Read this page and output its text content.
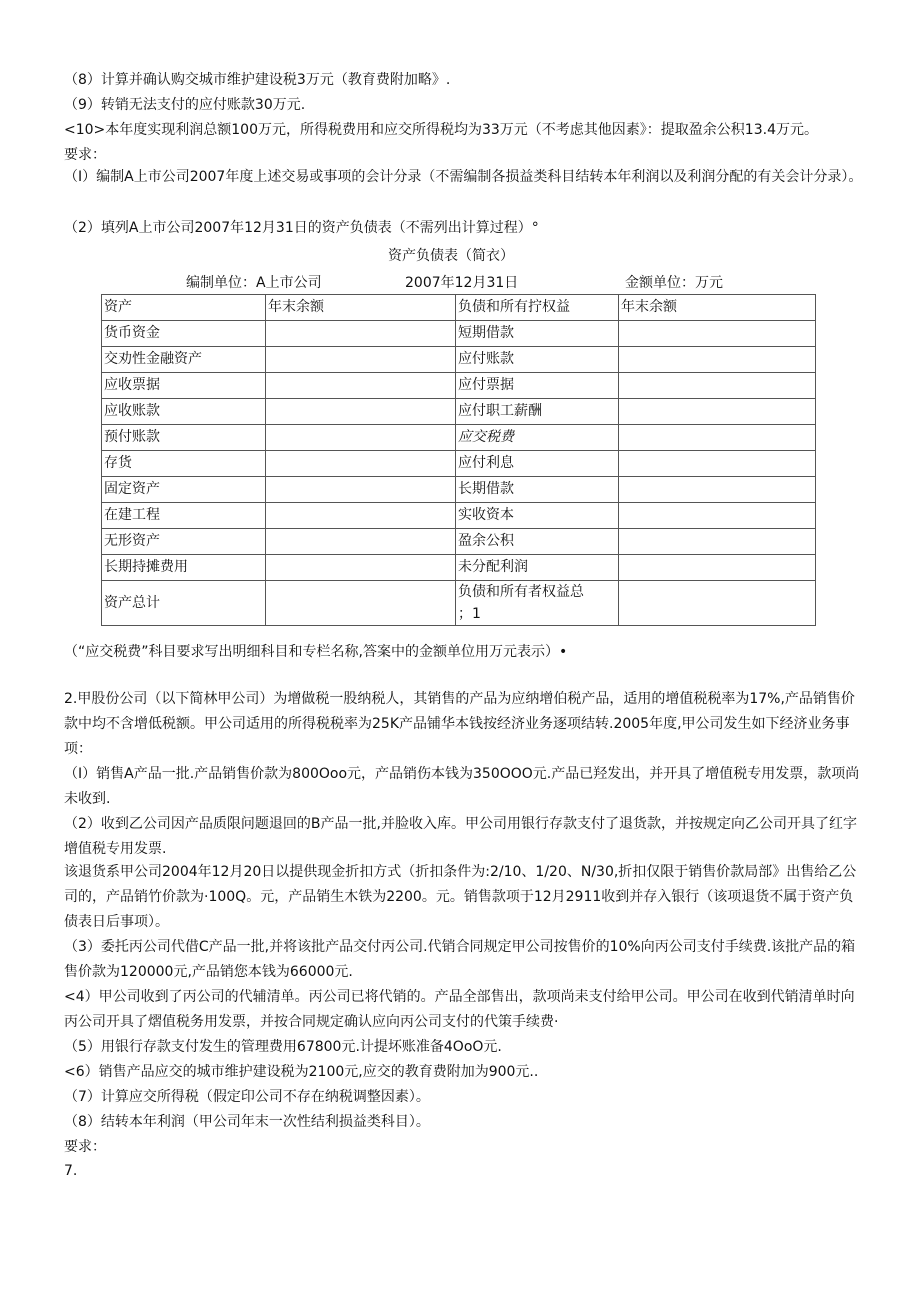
（8）计算并确认购交城市维护建设税3万元（教育费附加略》.
（9）转销无法支付的应付账款30万元.
<10>本年度实现利润总额100万元，所得税费用和应交所得税均为33万元（不考虑其他因素》：提取盈余公积13.4万元。
要求：
（I）编制A上市公司2007年度上述交易或事项的会计分录（不需编制各损益类科目结转本年利润以及利润分配的有关会计分录）。
（2）填列A上市公司2007年12月31日的资产负债表（不需列出计算过程）°
资产负债表（简衣）
编制单位：A上市公司	2007年12月31日	金额单位：万元
资产	年末余额	负债和所有拧权益	年末余额
货币资金		短期借款	
交劝性金融资产		应付账款	
应收票据		应付票据	
应收账款		应付职工薪酬	
预付账款		应交税费	
存货		应付利息	
固定资产		长期借款	
在建工程		实收资本	
无形资产		盈余公积	
长期持摊费用		未分配利润	
资产总计		负债和所有者权益总
；1	

（“应交税费”科目要求写出明细科目和专栏名称,答案中的金额单位用万元表示）•
2.甲股份公司（以下简林甲公司）为增做税一股纳税人，其销售的产品为应纳增伯税产品，适用的增值税税率为17%,产品销售价款中均不含增低税额。甲公司适用的所得税税率为25K产品铺华本钱按经济业务逐项结转.2005年度,甲公司发生如下经济业务事项：
（I）销售A产品一批.产品销售价款为800Ooo元，产品销伤本钱为350OOO元.产品已羟发出，并开具了增值税专用发票，款项尚未收到.
（2）收到乙公司因产品质限问题退回的B产品一批,并脸收入库。甲公司用银行存款支付了退货款，并按规定向乙公司开具了红字增值税专用发票.
该退货系甲公司2004年12月20日以提供现金折扣方式（折扣条件为:2/10、1/20、N/30,折扣仅限于销售价款局部》出售给乙公司的，产品销竹价款为·100Q。元，产品销生木铁为2200。元。销售款项于12月2911收到并存入银行（该项退货不属于资产负债表日后事项）。
（3）委托丙公司代借C产品一批,并将该批产品交付丙公司.代销合同规定甲公司按售价的10%向丙公司支付手续费.该批产品的箱售价款为120000元,产品销您本钱为66000元.
<4）甲公司收到了丙公司的代辅清单。丙公司已将代销的。产品全部售出，款项尚耒支付给甲公司。甲公司在收到代销清单时向丙公司开具了熠值税务用发票，并按合同规定确认应向丙公司支付的代策手续费·
（5）用银行存款支付发生的管理费用67800元.计提坏账准备4OoO元.
<6）销售产品应交的城市维护建设税为2100元,应交的教育费附加为900元..
（7）计算应交所得税（假定印公司不存在纳税调整因素）。
（8）结转本年利润（甲公司年末一次性结利损益类科目）。
要求：
7.
